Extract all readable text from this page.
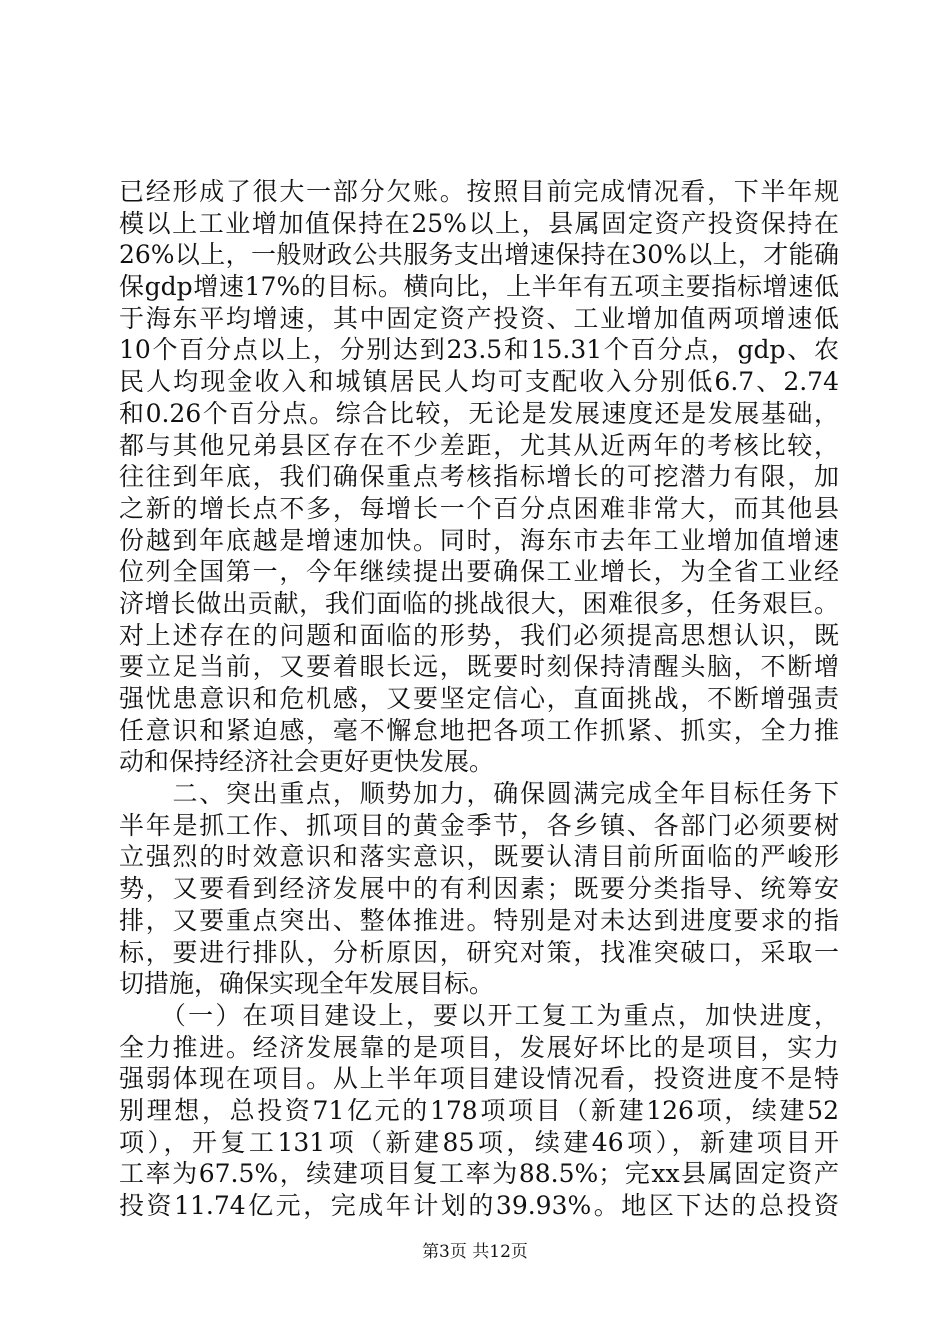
已经形成了很大一部分欠账。按照目前完成情况看，下半年规
模以上工业增加值保持在25%以上，县属固定资产投资保持在
26%以上，一般财政公共服务支出增速保持在30%以上，才能确
保gdp增速17%的目标。横向比，上半年有五项主要指标增速低
于海东平均增速，其中固定资产投资、工业增加值两项增速低
10个百分点以上，分别达到23.5和15.31个百分点，gdp、农
民人均现金收入和城镇居民人均可支配收入分别低6.7、2.74
和0.26个百分点。综合比较，无论是发展速度还是发展基础，
都与其他兄弟县区存在不少差距，尤其从近两年的考核比较，
往往到年底，我们确保重点考核指标增长的可挖潜力有限，加
之新的增长点不多，每增长一个百分点困难非常大，而其他县
份越到年底越是增速加快。同时，海东市去年工业增加值增速
位列全国第一，今年继续提出要确保工业增长，为全省工业经
济增长做出贡献，我们面临的挑战很大，困难很多，任务艰巨。
对上述存在的问题和面临的形势，我们必须提高思想认识，既
要立足当前，又要着眼长远，既要时刻保持清醒头脑，不断增
强忧患意识和危机感，又要坚定信心，直面挑战，不断增强责
任意识和紧迫感，毫不懈怠地把各项工作抓紧、抓实，全力推
动和保持经济社会更好更快发展。
　　二、突出重点，顺势加力，确保圆满完成全年目标任务下
半年是抓工作、抓项目的黄金季节，各乡镇、各部门必须要树
立强烈的时效意识和落实意识，既要认清目前所面临的严峻形
势，又要看到经济发展中的有利因素；既要分类指导、统筹安
排，又要重点突出、整体推进。特别是对未达到进度要求的指
标，要进行排队，分析原因，研究对策，找准突破口，采取一
切措施，确保实现全年发展目标。
　　（一）在项目建设上，要以开工复工为重点，加快进度，
全力推进。经济发展靠的是项目，发展好坏比的是项目，实力
强弱体现在项目。从上半年项目建设情况看，投资进度不是特
别理想，总投资71亿元的178项项目（新建126项，续建52
项），开复工131项（新建85项，续建46项），新建项目开
工率为67.5%，续建项目复工率为88.5%；完xx县属固定资产
投资11.74亿元，完成年计划的39.93%。地区下达的总投资
第3页 共12页
